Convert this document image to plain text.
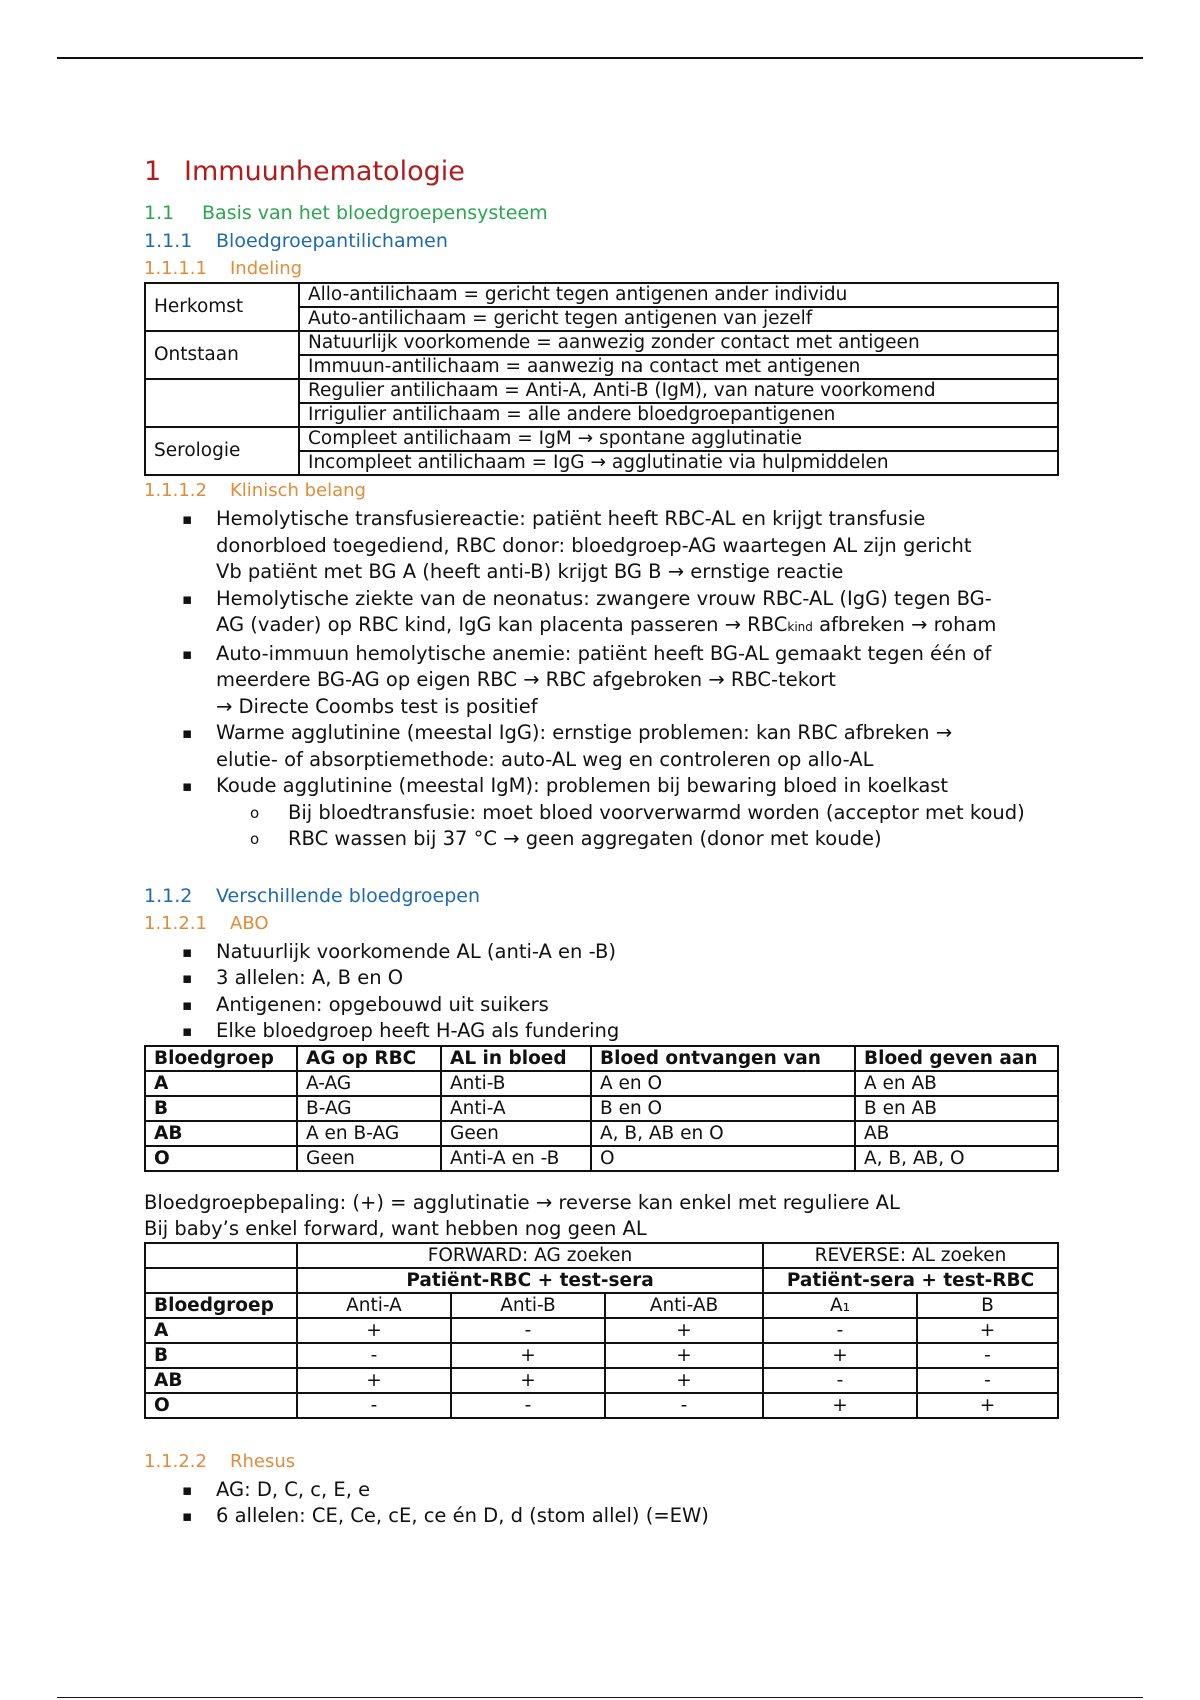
1 Immuunhematologie
1.1 Basis van het bloedgroepensysteem
1.1.1 Bloedgroepantilichamen
1.1.1.1 Indeling
Herkomst	Allo-antilichaam = gericht tegen antigenen ander individu
	Auto-antilichaam = gericht tegen antigenen van jezelf
Ontstaan	Natuurlijk voorkomende = aanwezig zonder contact met antigeen
	Immuun-antilichaam = aanwezig na contact met antigenen
	Regulier antilichaam = Anti-A, Anti-B (IgM), van nature voorkomend
	Irrigulier antilichaam = alle andere bloedgroepantigenen
Serologie	Compleet antilichaam = IgM → spontane agglutinatie
	Incompleet antilichaam = IgG → agglutinatie via hulpmiddelen
1.1.1.2 Klinisch belang
▪ Hemolytische transfusiereactie: patiënt heeft RBC-AL en krijgt transfusie
donorbloed toegediend, RBC donor: bloedgroep-AG waartegen AL zijn gericht
Vb patiënt met BG A (heeft anti-B) krijgt BG B → ernstige reactie
▪ Hemolytische ziekte van de neonatus: zwangere vrouw RBC-AL (IgG) tegen BG-
AG (vader) op RBC kind, IgG kan placenta passeren → RBCkind afbreken → roham
▪ Auto-immuun hemolytische anemie: patiënt heeft BG-AL gemaakt tegen één of
meerdere BG-AG op eigen RBC → RBC afgebroken → RBC-tekort
→ Directe Coombs test is positief
▪ Warme agglutinine (meestal IgG): ernstige problemen: kan RBC afbreken →
elutie- of absorptiemethode: auto-AL weg en controleren op allo-AL
▪ Koude agglutinine (meestal IgM): problemen bij bewaring bloed in koelkast
o Bij bloedtransfusie: moet bloed voorverwarmd worden (acceptor met koud)
o RBC wassen bij 37 °C → geen aggregaten (donor met koude)
1.1.2 Verschillende bloedgroepen
1.1.2.1 ABO
▪ Natuurlijk voorkomende AL (anti-A en -B)
▪ 3 allelen: A, B en O
▪ Antigenen: opgebouwd uit suikers
▪ Elke bloedgroep heeft H-AG als fundering
Bloedgroep	AG op RBC	AL in bloed	Bloed ontvangen van	Bloed geven aan
A	A-AG	Anti-B	A en O	A en AB
B	B-AG	Anti-A	B en O	B en AB
AB	A en B-AG	Geen	A, B, AB en O	AB
O	Geen	Anti-A en -B	O	A, B, AB, O
Bloedgroepbepaling: (+) = agglutinatie → reverse kan enkel met reguliere AL
Bij baby’s enkel forward, want hebben nog geen AL
	FORWARD: AG zoeken			REVERSE: AL zoeken	
	Patiënt-RBC + test-sera			Patiënt-sera + test-RBC	
Bloedgroep	Anti-A	Anti-B	Anti-AB	A₁	B
A	+	-	+	-	+
B	-	+	+	+	-
AB	+	+	+	-	-
O	-	-	-	+	+
1.1.2.2 Rhesus
▪ AG: D, C, c, E, e
▪ 6 allelen: CE, Ce, cE, ce én D, d (stom allel) (=EW)
